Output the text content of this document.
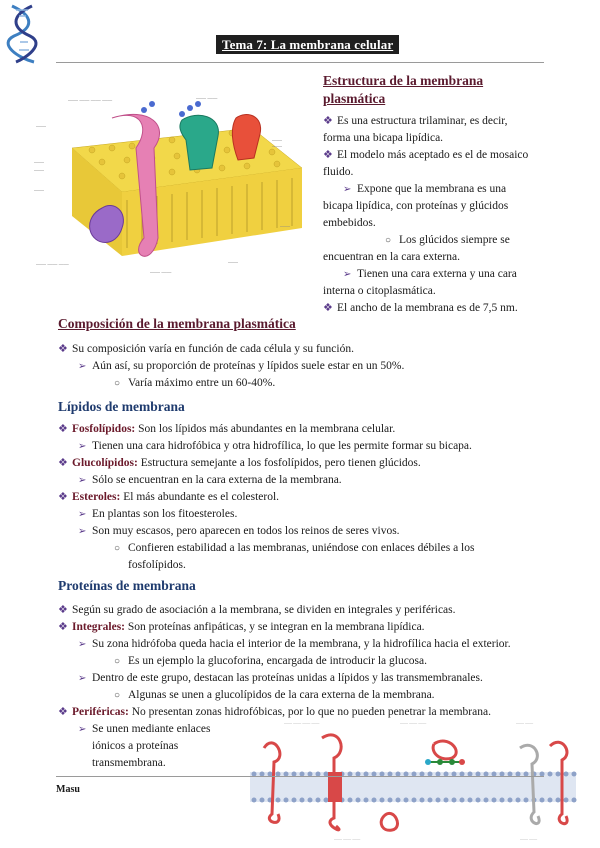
Tema 7: La membrana celular
—— —— —— ——	—— ——
——
——
——
——
——
——
——
—— —— ——
—— ——
——
Estructura de la membrana
plasmática
❖ Es una estructura trilaminar, es decir,
forma una bicapa lipídica.
❖ El modelo más aceptado es el de mosaico
fluido.
➢ Expone que la membrana es una
bicapa lipídica, con proteínas y glúcidos
embebidos.
○ Los glúcidos siempre se
encuentran en la cara externa.
➢ Tienen una cara externa y una cara
interna o citoplasmática.
❖ El ancho de la membrana es de 7,5 nm.
Composición de la membrana plasmática
❖ Su composición varía en función de cada célula y su función.
➢ Aún así, su proporción de proteínas y lípidos suele estar en un 50%.
○ Varía máximo entre un 60-40%.
Lípidos de membrana
❖ Fosfolípidos: Son los lípidos más abundantes en la membrana celular.
➢ Tienen una cara hidrofóbica y otra hidrofílica, lo que les permite formar su bicapa.
❖ Glucolípidos: Estructura semejante a los fosfolípidos, pero tienen glúcidos.
➢ Sólo se encuentran en la cara externa de la membrana.
❖ Esteroles: El más abundante es el colesterol.
➢ En plantas son los fitoesteroles.
➢ Son muy escasos, pero aparecen en todos los reinos de seres vivos.
○ Confieren estabilidad a las membranas, uniéndose con enlaces débiles a los
fosfolípidos.
Proteínas de membrana
❖ Según su grado de asociación a la membrana, se dividen en integrales y periféricas.
❖ Integrales: Son proteínas anfipáticas, y se integran en la membrana lipídica.
➢ Su zona hidrófoba queda hacia el interior de la membrana, y la hidrofílica hacia el exterior.
○ Es un ejemplo la glucoforina, encargada de introducir la glucosa.
➢ Dentro de este grupo, destacan las proteínas unidas a lípidos y las transmembranales.
○ Algunas se unen a glucolípidos de la cara externa de la membrana.
❖ Periféricas: No presentan zonas hidrofóbicas, por lo que no pueden penetrar la membrana.
➢ Se unen mediante enlaces
iónicos a proteínas
transmembrana.
—— —— —— ——	—— —— ——	—— ——
—— —— ——	—— ——
Masu
